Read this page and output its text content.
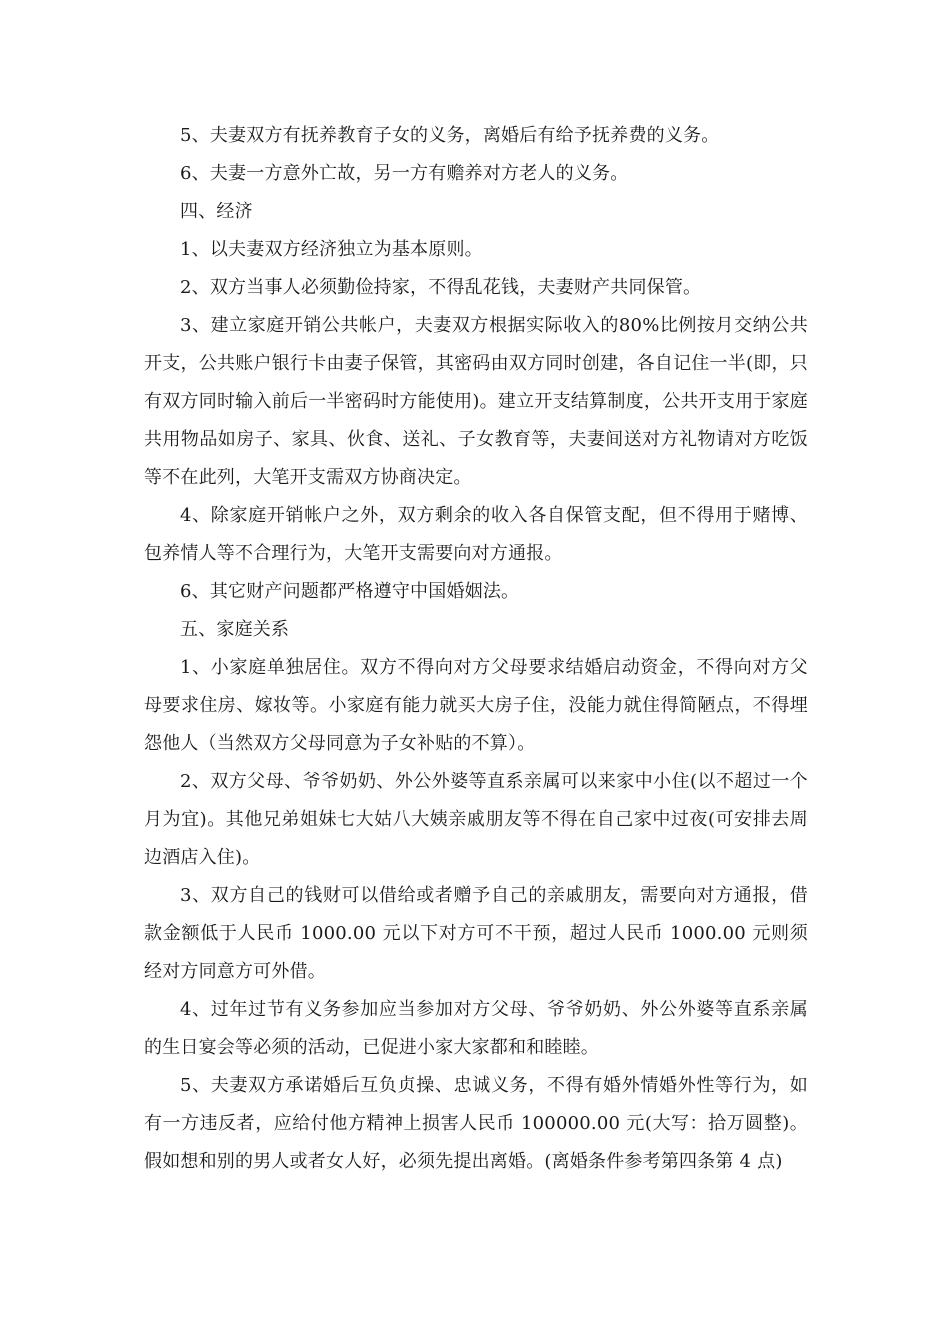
5、夫妻双方有抚养教育子女的义务，离婚后有给予抚养费的义务。

6、夫妻一方意外亡故，另一方有赡养对方老人的义务。

四、经济

1、以夫妻双方经济独立为基本原则。

2、双方当事人必须勤俭持家，不得乱花钱，夫妻财产共同保管。

3、建立家庭开销公共帐户，夫妻双方根据实际收入的80%比例按月交纳公共开支，公共账户银行卡由妻子保管，其密码由双方同时创建，各自记住一半(即，只有双方同时输入前后一半密码时方能使用)。建立开支结算制度，公共开支用于家庭共用物品如房子、家具、伙食、送礼、子女教育等，夫妻间送对方礼物请对方吃饭等不在此列，大笔开支需双方协商决定。

4、除家庭开销帐户之外，双方剩余的收入各自保管支配，但不得用于赌博、包养情人等不合理行为，大笔开支需要向对方通报。

6、其它财产问题都严格遵守中国婚姻法。

五、家庭关系

1、小家庭单独居住。双方不得向对方父母要求结婚启动资金，不得向对方父母要求住房、嫁妆等。小家庭有能力就买大房子住，没能力就住得简陋点，不得埋怨他人（当然双方父母同意为子女补贴的不算）。

2、双方父母、爷爷奶奶、外公外婆等直系亲属可以来家中小住(以不超过一个月为宜)。其他兄弟姐妹七大姑八大姨亲戚朋友等不得在自己家中过夜(可安排去周边酒店入住)。

3、双方自己的钱财可以借给或者赠予自己的亲戚朋友，需要向对方通报，借款金额低于人民币 1000.00 元以下对方可不干预，超过人民币 1000.00 元则须经对方同意方可外借。

4、过年过节有义务参加应当参加对方父母、爷爷奶奶、外公外婆等直系亲属的生日宴会等必须的活动，已促进小家大家都和和睦睦。

5、夫妻双方承诺婚后互负贞操、忠诚义务，不得有婚外情婚外性等行为，如有一方违反者，应给付他方精神上损害人民币 100000.00 元(大写：拾万圆整)。假如想和别的男人或者女人好，必须先提出离婚。(离婚条件参考第四条第 4 点)
